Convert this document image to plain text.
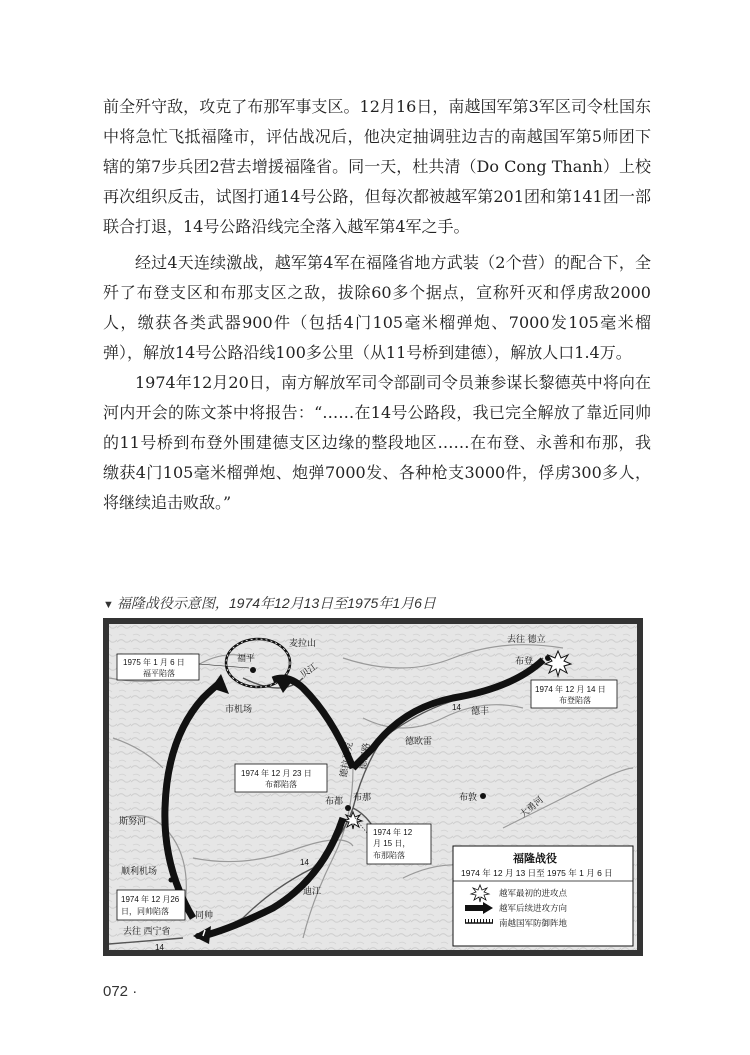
前全歼守敌，攻克了布那军事支区。12月16日，南越国军第3军区司令杜国东中将急忙飞抵福隆市，评估战况后，他决定抽调驻边吉的南越国军第5师团下辖的第7步兵团2营去增援福隆省。同一天，杜共清（Do Cong Thanh）上校再次组织反击，试图打通14号公路，但每次都被越军第201团和第141团一部联合打退，14号公路沿线完全落入越军第4军之手。

经过4天连续激战，越军第4军在福隆省地方武装（2个营）的配合下，全歼了布登支区和布那支区之敌，拔除60多个据点，宣称歼灭和俘虏敌2000人，缴获各类武器900件（包括4门105毫米榴弹炮、7000发105毫米榴弹），解放14号公路沿线100多公里（从11号桥到建德），解放人口1.4万。

1974年12月20日，南方解放军司令部副司令员兼参谋长黎德英中将向在河内开会的陈文茶中将报告：“……在14号公路段，我已完全解放了靠近同帅的11号桥到布登外围建德支区边缘的整段地区……在布登、永善和布那，我缴获4门105毫米榴弹炮、炮弹7000发、各种枪支3000件，俘虏300多人，将继续追击败敌。”

▼ 福隆战役示意图，1974年12月13日至1975年1月6日
14
14
14
麦拉山
福平
市机场
贝江
去往 德立
布登
德丰
德欧雷
布都 布那	布敦	大勇河
斯努河
顺利机场
同帅
去往 西宁省
迪江
德拉马克 德巴路
1975 年 1 月 6 日 福平陷落
1974 年 12 月 14 日 布登陷落
1974 年 12 月 23 日 布都陷落
1974 年 12 月 15 日， 布那陷落
1974 年 12 月26 日，同帅陷落
福隆战役
1974 年 12 月 13 日至 1975 年 1 月 6 日
越军最初的进攻点
越军后续进攻方向
南越国军防御阵地
072 ·
